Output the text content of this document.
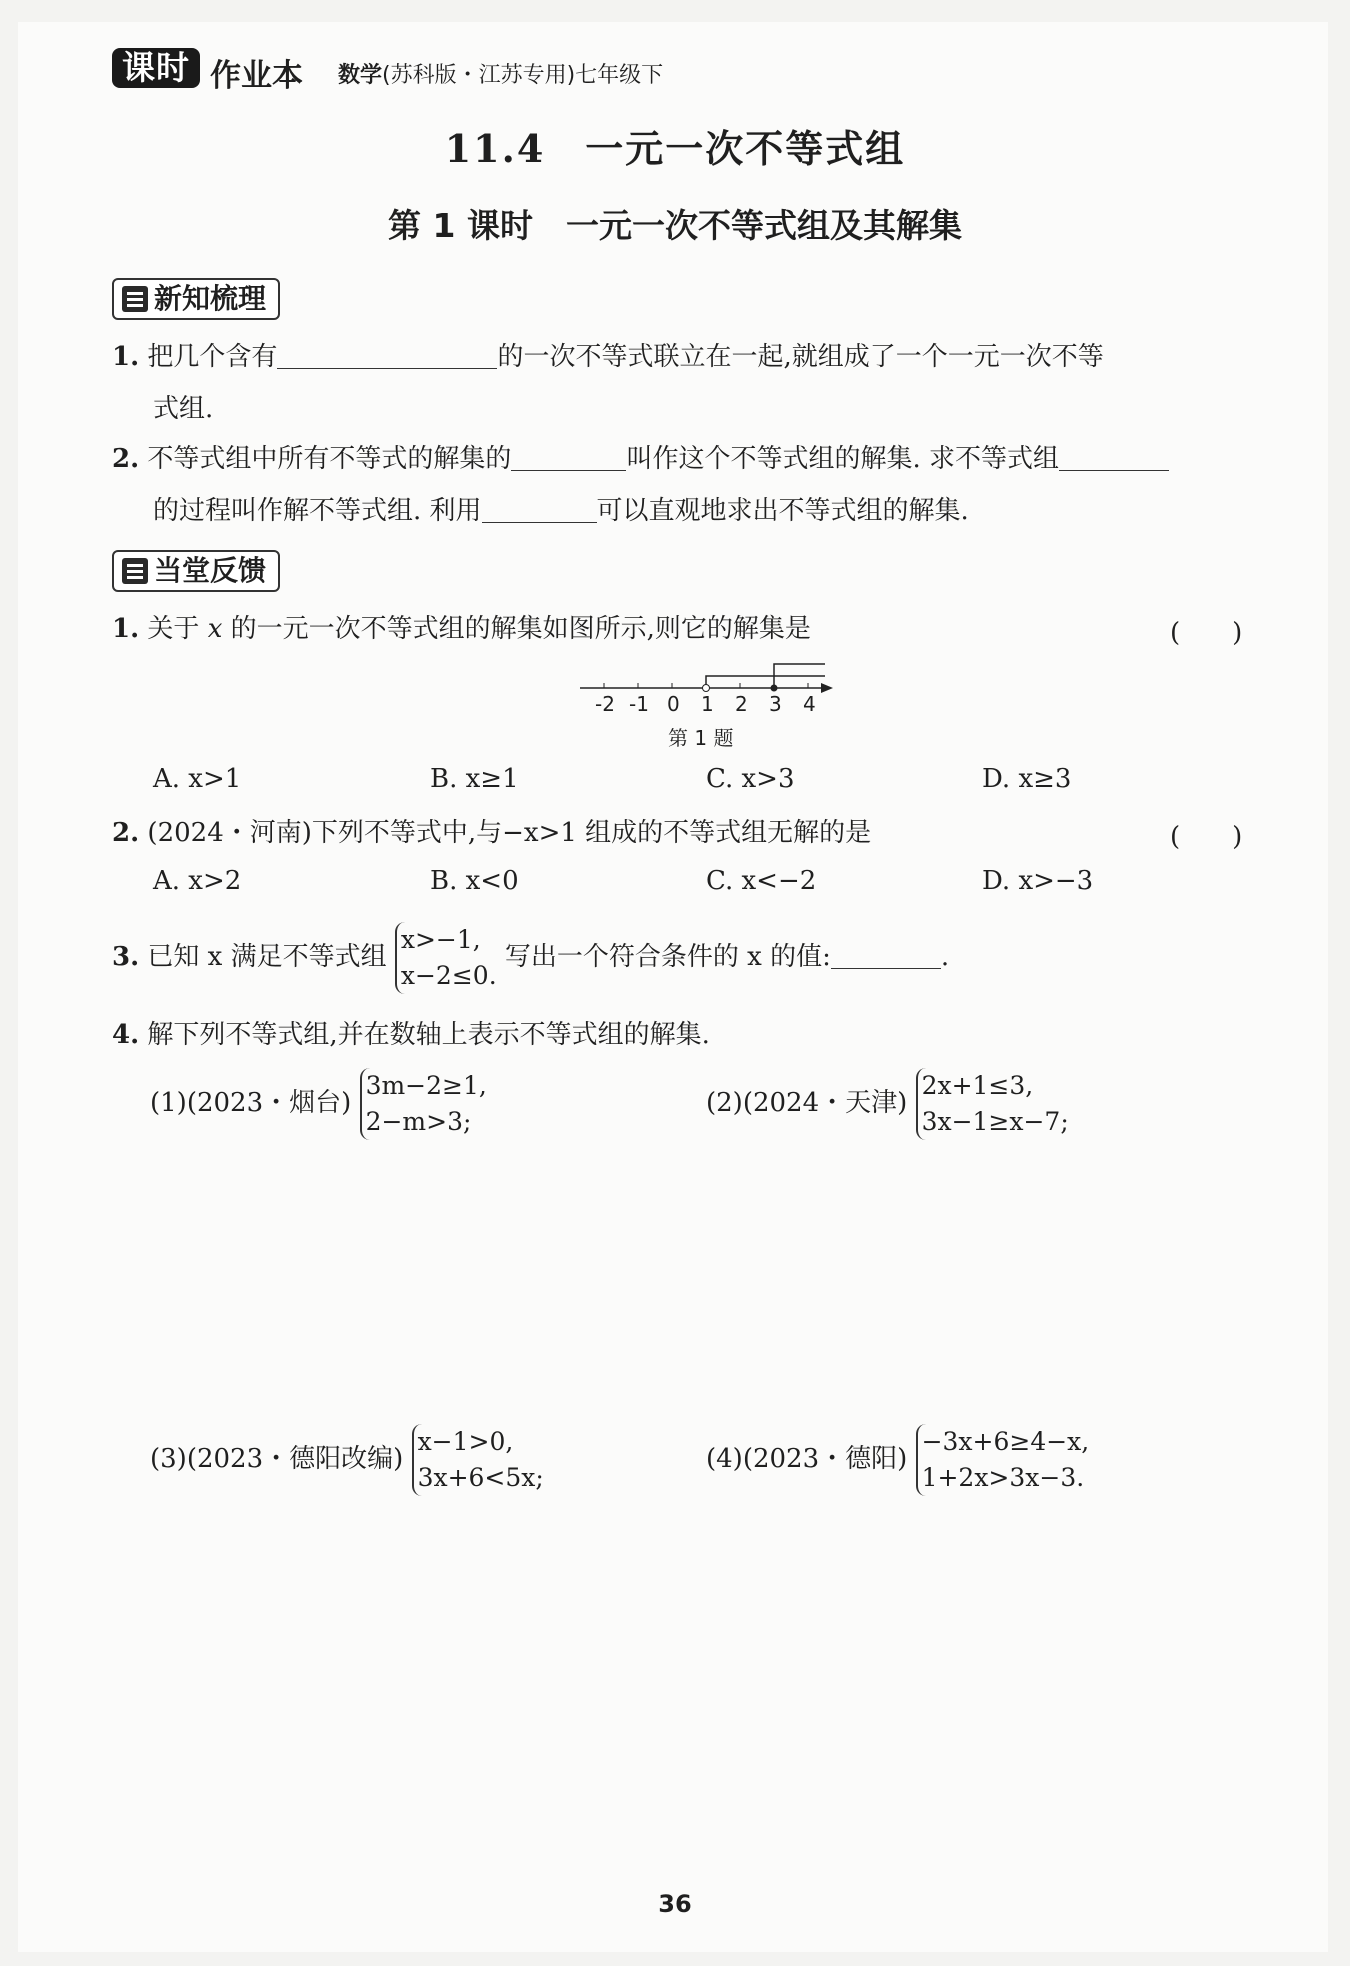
课时 作业本 数学(苏科版・江苏专用)七年级下
11.4　一元一次不等式组
第 1 课时　一元一次不等式组及其解集
新知梳理
1. 把几个含有	的一次不等式联立在一起,就组成了一个一元一次不等
式组.
2. 不等式组中所有不等式的解集的	叫作这个不等式组的解集. 求不等式组
的过程叫作解不等式组. 利用	可以直观地求出不等式组的解集.
当堂反馈
1. 关于 x 的一元一次不等式组的解集如图所示,则它的解集是	(　　)
-2 -1 0 1 2 3 4
第 1 题
A. x>1	B. x≥1	C. x>3	D. x≥3
2. (2024・河南)下列不等式中,与−x>1 组成的不等式组无解的是	(　　)
A. x>2	B. x<0	C. x<−2	D. x>−3
3. 已知 x 满足不等式组
x>−1,
x−2≤0.
写出一个符合条件的 x 的值:	.
4. 解下列不等式组,并在数轴上表示不等式组的解集.
(1)(2023・烟台)
3m−2≥1,
2−m>3;
(2)(2024・天津)
2x+1≤3,
3x−1≥x−7;
(3)(2023・德阳改编)
x−1>0,
3x+6<5x;
(4)(2023・德阳)
−3x+6≥4−x,
1+2x>3x−3.
36
